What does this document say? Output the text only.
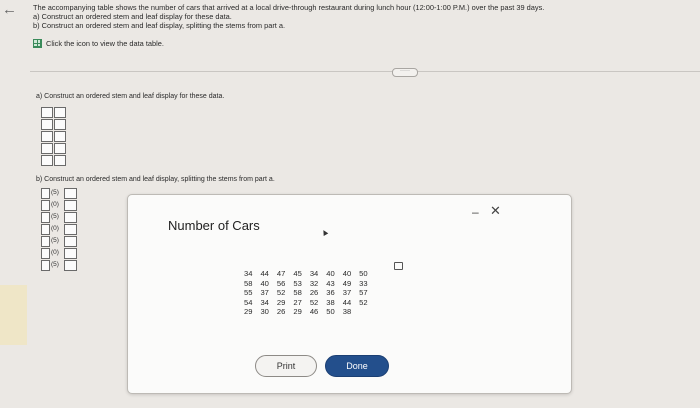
← The accompanying table shows the number of cars that arrived at a local drive-through restaurant during lunch hour (12:00-1:00 P.M.) over the past 39 days.
a) Construct an ordered stem and leaf display for these data.
b) Construct an ordered stem and leaf display, splitting the stems from part a.
Click the icon to view the data table.
·····
a) Construct an ordered stem and leaf display for these data.
b) Construct an ordered stem and leaf display, splitting the stems from part a.
(5)
(0)
(5)
(0)
(5)
(0)
(5)
Number of Cars
– ✕
▲
34	44	47	45	34	40	40	50
58	40	56	53	32	43	49	33
55	37	52	58	26	36	37	57
54	34	29	27	52	38	44	52
29	30	26	29	46	50	38	
Print	Done
